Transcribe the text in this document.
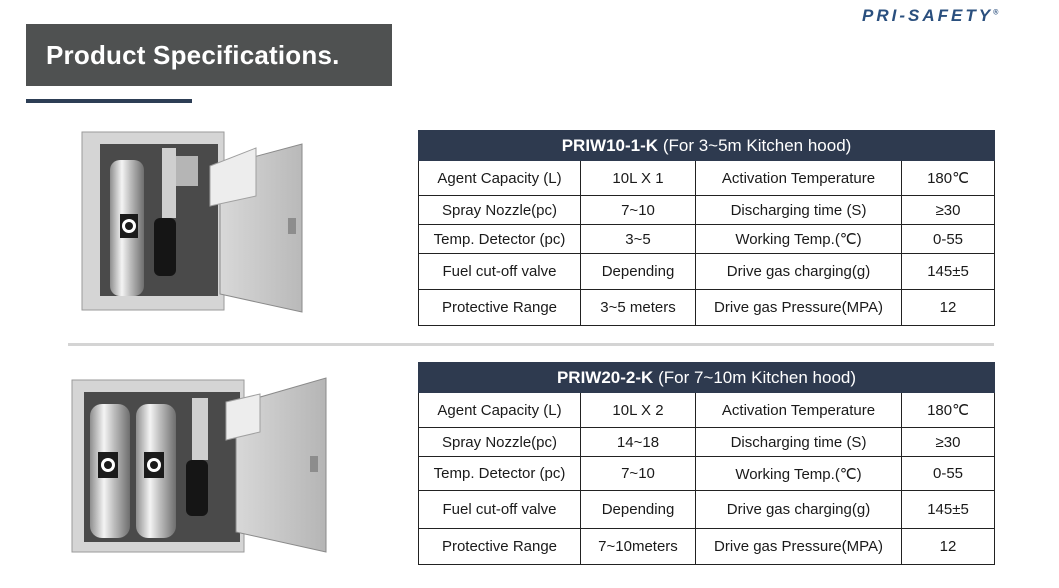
Product Specifications.
PRI-SAFETY®
PRIW10-1-K (For 3~5m Kitchen hood)			
Agent Capacity (L)	10L X 1	Activation Temperature	180℃
Spray Nozzle(pc)	7~10	Discharging time (S)	≥30
Temp. Detector (pc)	3~5	Working Temp.(℃)	0-55
Fuel cut-off valve	Depending	Drive gas charging(g)	145±5
Protective Range	3~5 meters	Drive gas Pressure(MPA)	12
PRIW20-2-K (For 7~10m Kitchen hood)			
Agent Capacity (L)	10L X 2	Activation Temperature	180℃
Spray Nozzle(pc)	14~18	Discharging time (S)	≥30
Temp. Detector (pc)	7~10	Working Temp.(℃)	0-55
Fuel cut-off valve	Depending	Drive gas charging(g)	145±5
Protective Range	7~10meters	Drive gas Pressure(MPA)	12
